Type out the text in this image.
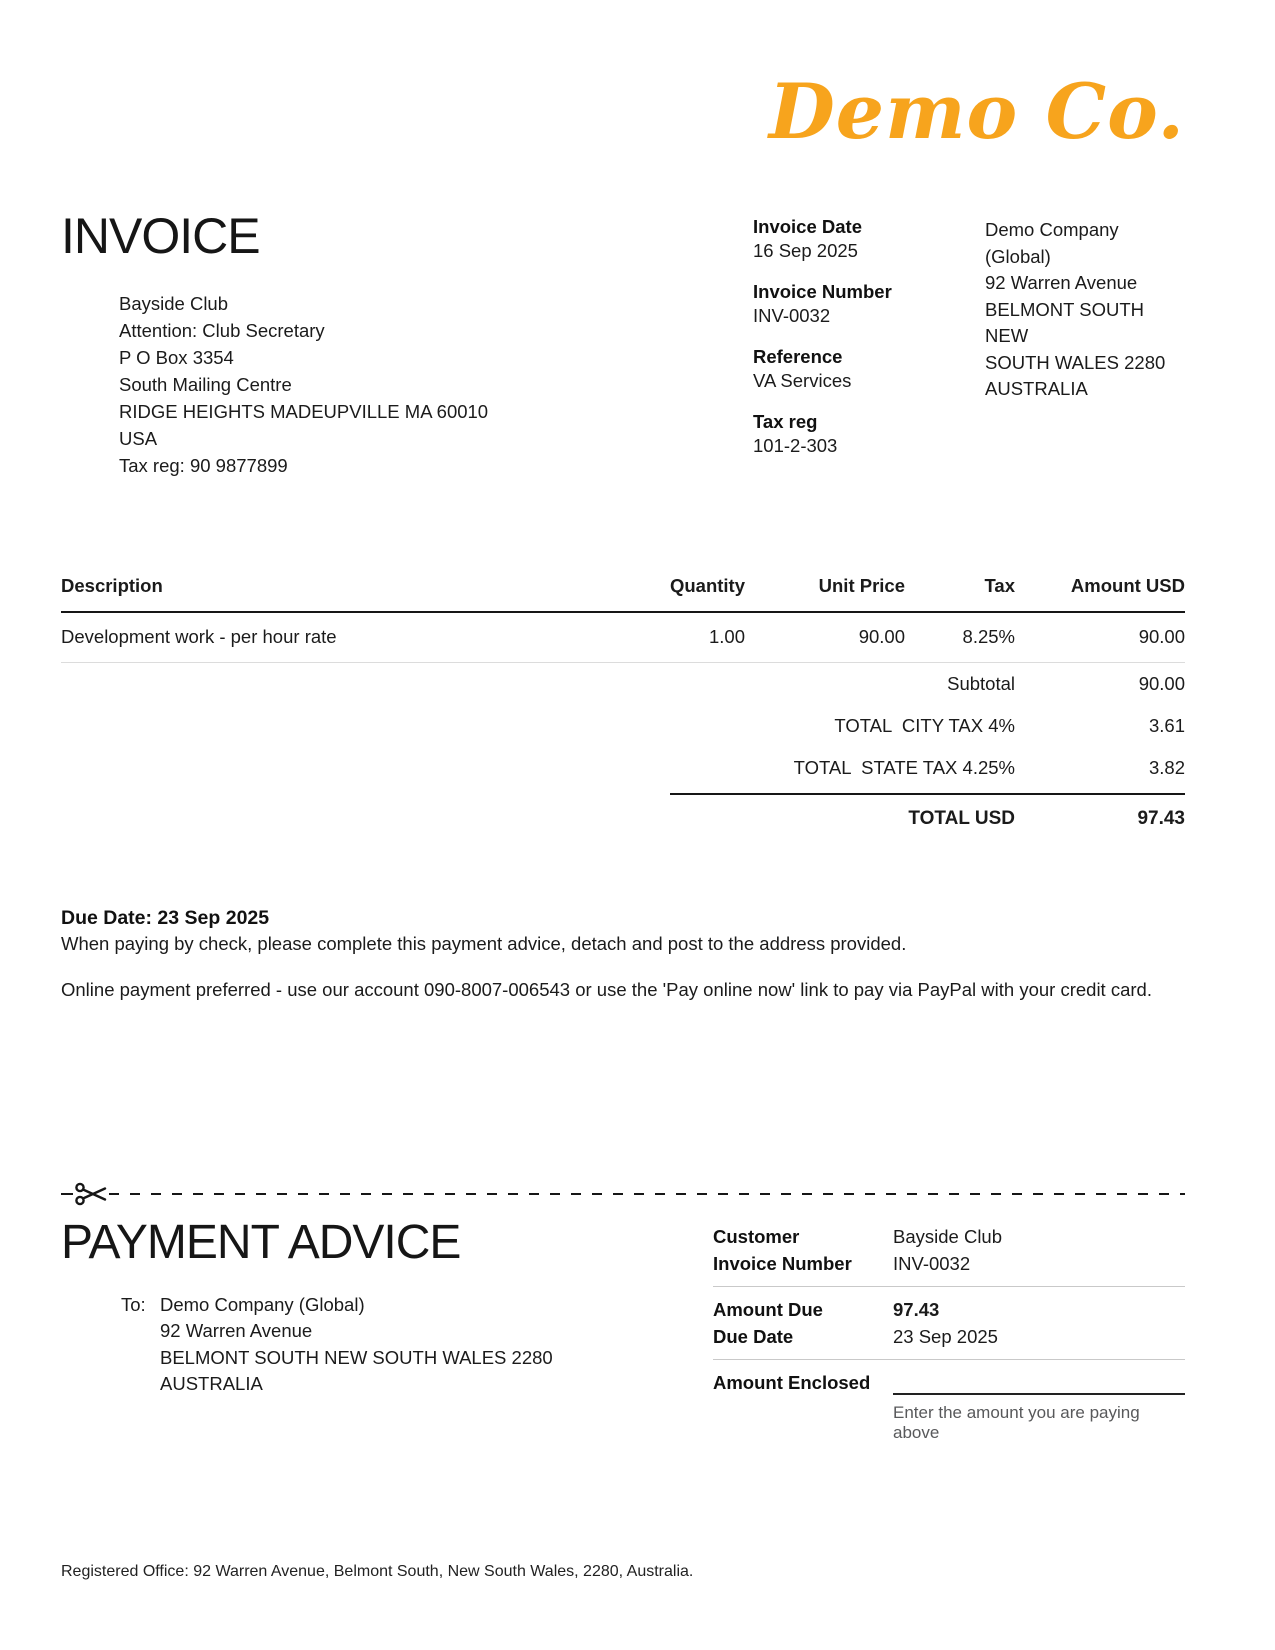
Demo Co.
INVOICE
Bayside Club
Attention: Club Secretary
P O Box 3354
South Mailing Centre
RIDGE HEIGHTS MADEUPVILLE MA 60010
USA
Tax reg: 90 9877899
Invoice Date
16 Sep 2025
Invoice Number
INV-0032
Reference
VA Services
Tax reg
101-2-303
Demo Company (Global)
92 Warren Avenue
BELMONT SOUTH NEW
SOUTH WALES 2280
AUSTRALIA
Description	Quantity	Unit Price	Tax	Amount USD
Development work - per hour rate	1.00	90.00	8.25%	90.00
Subtotal	90.00
TOTAL  CITY TAX 4%	3.61
TOTAL  STATE TAX 4.25%	3.82
TOTAL USD	97.43
Due Date: 23 Sep 2025
When paying by check, please complete this payment advice, detach and post to the address provided.
Online payment preferred - use our account 090-8007-006543 or use the 'Pay online now' link to pay via PayPal with your credit card.
PAYMENT ADVICE
To: Demo Company (Global)
92 Warren Avenue
BELMONT SOUTH NEW SOUTH WALES 2280
AUSTRALIA
Customer	Bayside Club
Invoice Number	INV-0032
Amount Due	97.43
Due Date	23 Sep 2025
Amount Enclosed
Enter the amount you are paying above
Registered Office: 92 Warren Avenue, Belmont South, New South Wales, 2280, Australia.
